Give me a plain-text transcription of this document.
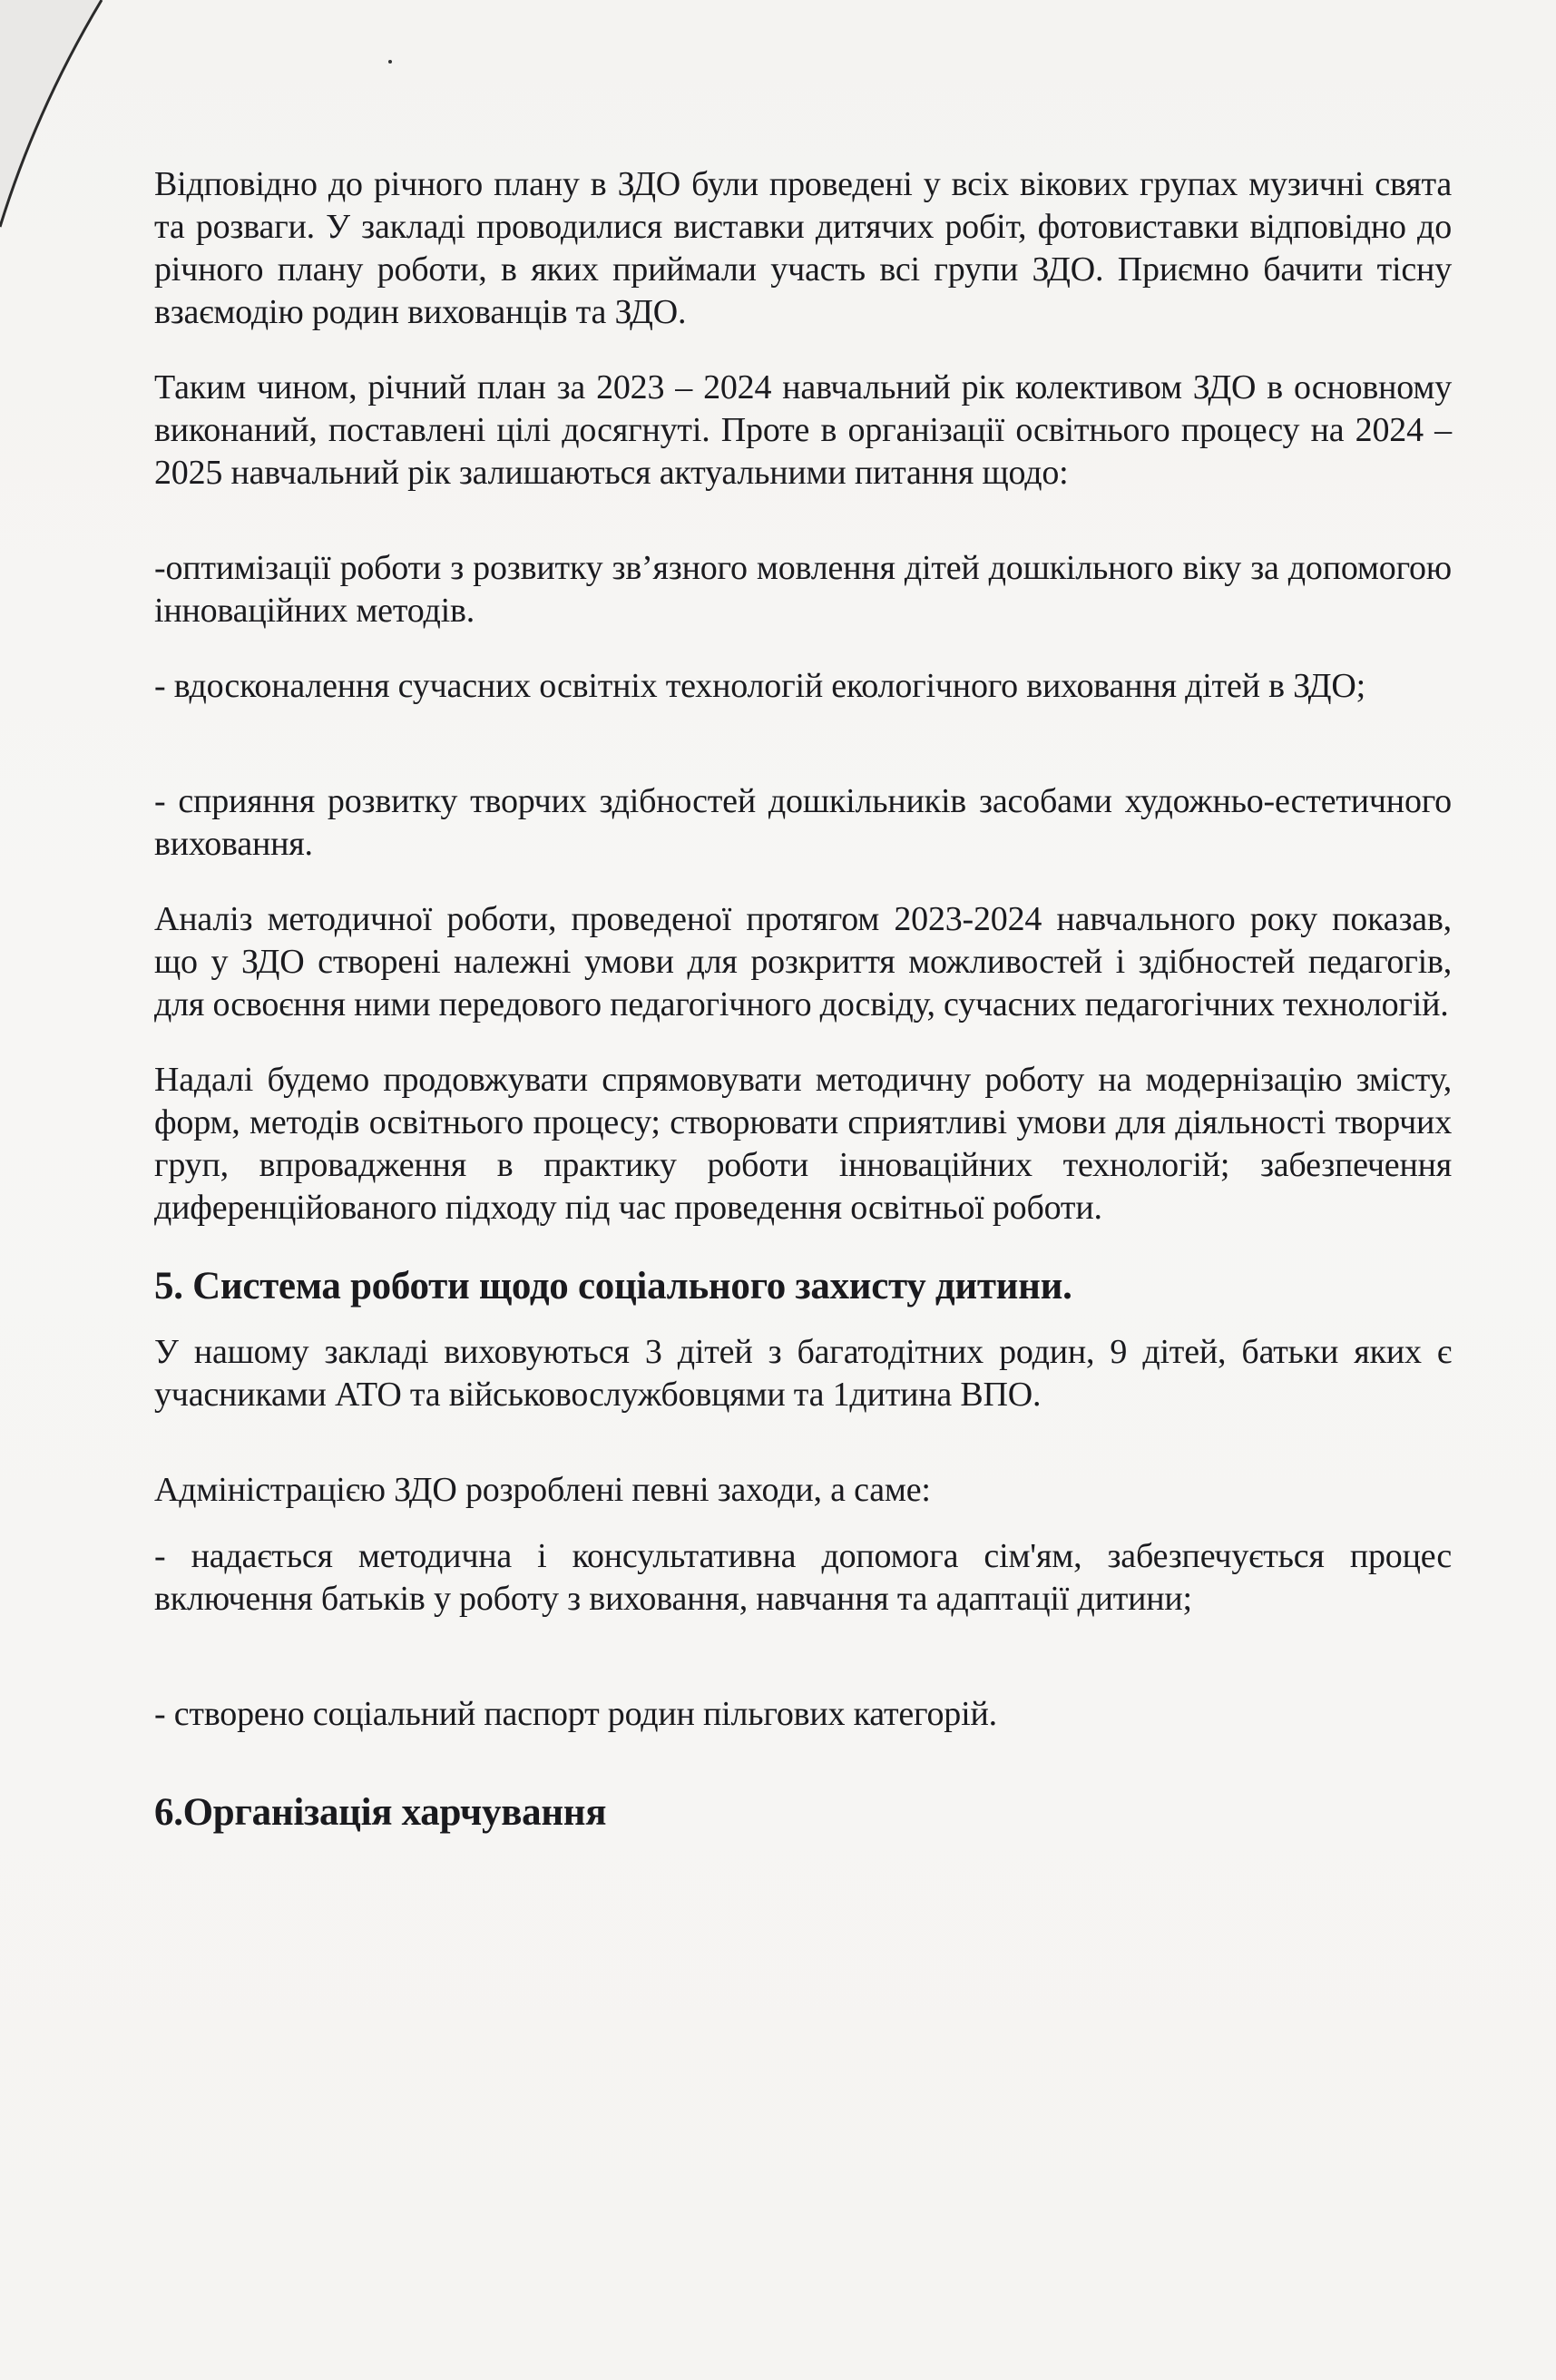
Відповідно до річного плану в ЗДО були проведені у всіх вікових групах музичні свята та розваги. У закладі проводилися виставки дитячих робіт, фотовиставки відповідно до річного плану роботи, в яких приймали участь всі групи ЗДО. Приємно бачити тісну взаємодію родин вихованців та ЗДО.

Таким чином, річний план за 2023 – 2024 навчальний рік колективом ЗДО в основному виконаний, поставлені цілі досягнуті. Проте в організації освітнього процесу на 2024 – 2025 навчальний рік залишаються актуальними питання щодо:

-оптимізації роботи з розвитку зв’язного мовлення дітей дошкільного віку за допомогою інноваційних методів.

- вдосконалення сучасних освітніх технологій екологічного виховання дітей в ЗДО;

- сприяння розвитку творчих здібностей дошкільників засобами художньо-естетичного виховання.

Аналіз методичної роботи, проведеної протягом 2023-2024 навчального року показав, що у ЗДО створені належні умови для розкриття можливостей і здібностей педагогів, для освоєння ними передового педагогічного досвіду, сучасних педагогічних технологій.

Надалі будемо продовжувати спрямовувати методичну роботу на модернізацію змісту, форм, методів освітнього процесу; створювати сприятливі умови для діяльності творчих груп, впровадження в практику роботи інноваційних технологій; забезпечення диференційованого підходу під час проведення освітньої роботи.

5. Система роботи щодо соціального захисту дитини.

У нашому закладі виховуються 3 дітей з багатодітних родин, 9 дітей, батьки яких є учасниками АТО та військовослужбовцями та 1дитина ВПО.

Адміністрацією ЗДО розроблені певні заходи, а саме:

- надається методична і консультативна допомога сім'ям, забезпечується процес включення батьків у роботу з виховання, навчання та адаптації дитини;

- створено соціальний паспорт родин пільгових категорій.

6.Організація харчування
